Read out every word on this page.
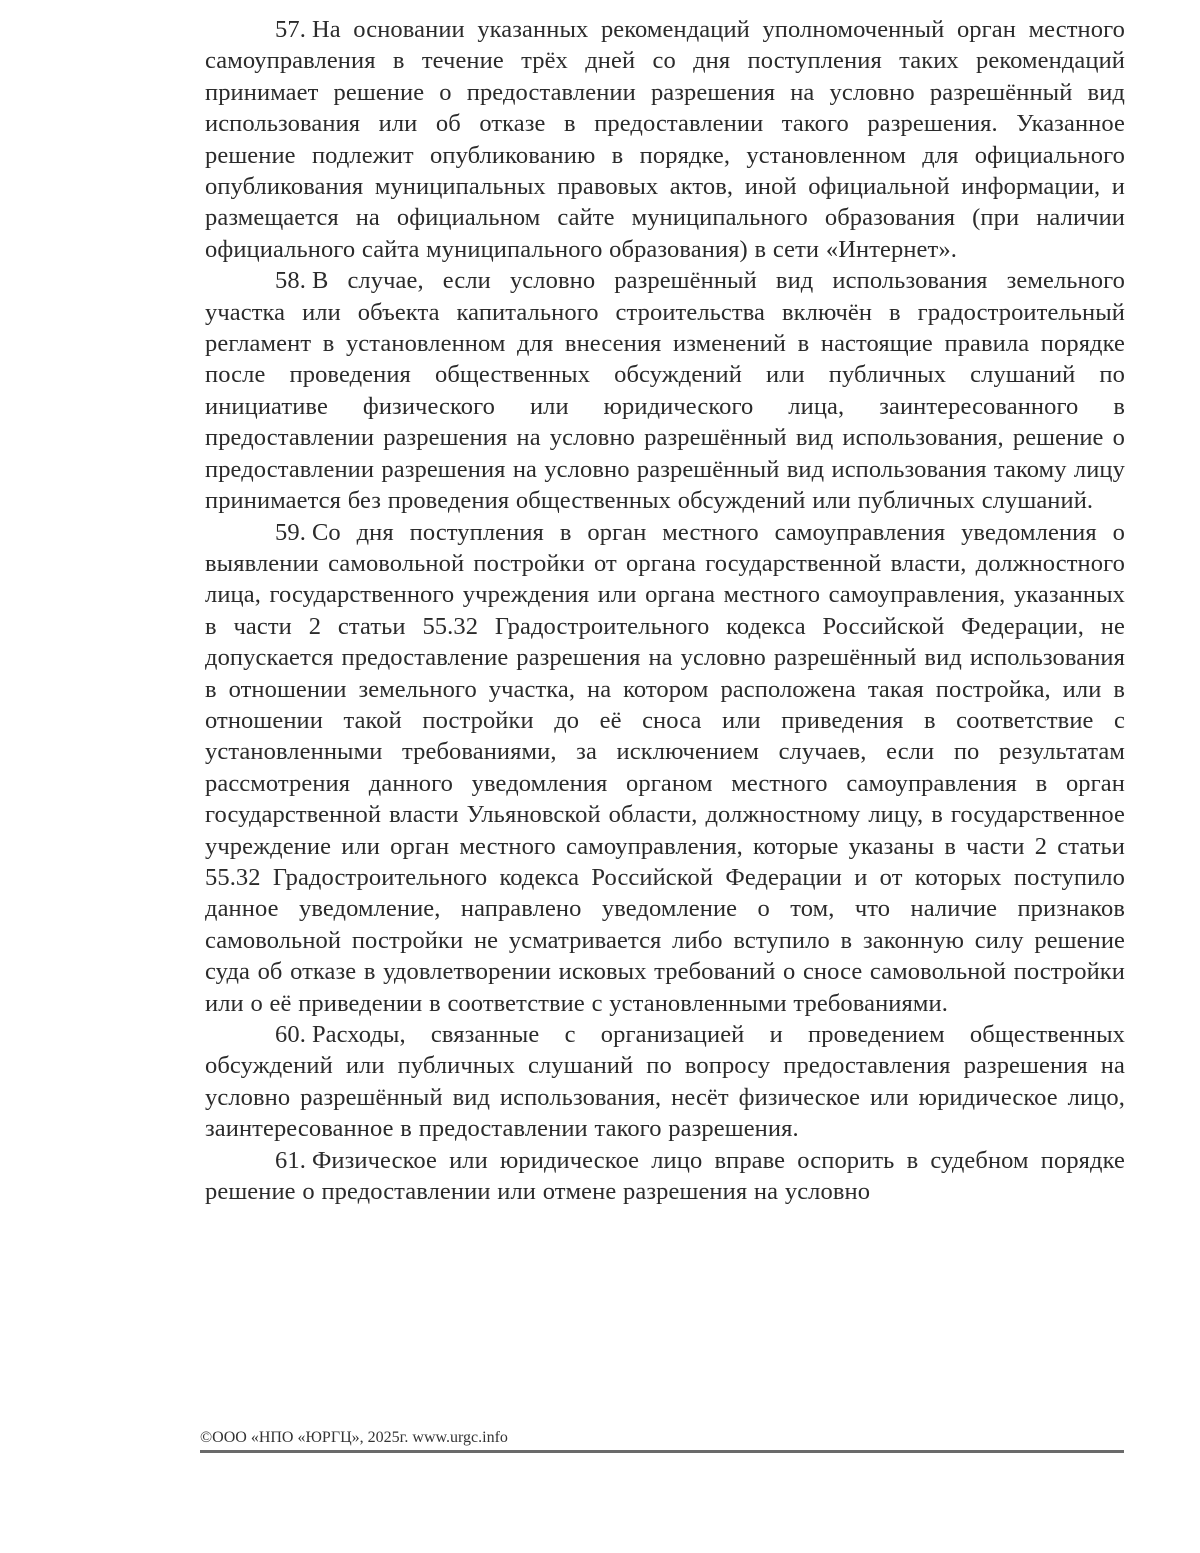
57. На основании указанных рекомендаций уполномоченный орган местного самоуправления в течение трёх дней со дня поступления таких рекомендаций принимает решение о предоставлении разрешения на условно разрешённый вид использования или об отказе в предоставлении такого разрешения. Указанное решение подлежит опубликованию в порядке, установленном для официального опубликования муниципальных правовых актов, иной официальной информации, и размещается на официальном сайте муниципального образования (при наличии официального сайта муниципального образования) в сети «Интернет».

58. В случае, если условно разрешённый вид использования земельного участка или объекта капитального строительства включён в градостроительный регламент в установленном для внесения изменений в настоящие правила порядке после проведения общественных обсуждений или публичных слушаний по инициативе физического или юридического лица, заинтересованного в предоставлении разрешения на условно разрешённый вид использования, решение о предоставлении разрешения на условно разрешённый вид использования такому лицу принимается без проведения общественных обсуждений или публичных слушаний.

59. Со дня поступления в орган местного самоуправления уведомления о выявлении самовольной постройки от органа государственной власти, должностного лица, государственного учреждения или органа местного самоуправления, указанных в части 2 статьи 55.32 Градостроительного кодекса Российской Федерации, не допускается предоставление разрешения на условно разрешённый вид использования в отношении земельного участка, на котором расположена такая постройка, или в отношении такой постройки до её сноса или приведения в соответствие с установленными требованиями, за исключением случаев, если по результатам рассмотрения данного уведомления органом местного самоуправления в орган государственной власти Ульяновской области, должностному лицу, в государственное учреждение или орган местного самоуправления, которые указаны в части 2 статьи 55.32 Градостроительного кодекса Российской Федерации и от которых поступило данное уведомление, направлено уведомление о том, что наличие признаков самовольной постройки не усматривается либо вступило в законную силу решение суда об отказе в удовлетворении исковых требований о сносе самовольной постройки или о её приведении в соответствие с установленными требованиями.

60. Расходы, связанные с организацией и проведением общественных обсуждений или публичных слушаний по вопросу предоставления разрешения на условно разрешённый вид использования, несёт физическое или юридическое лицо, заинтересованное в предоставлении такого разрешения.

61. Физическое или юридическое лицо вправе оспорить в судебном порядке решение о предоставлении или отмене разрешения на условно

©ООО «НПО «ЮРГЦ», 2025г. www.urgc.info
